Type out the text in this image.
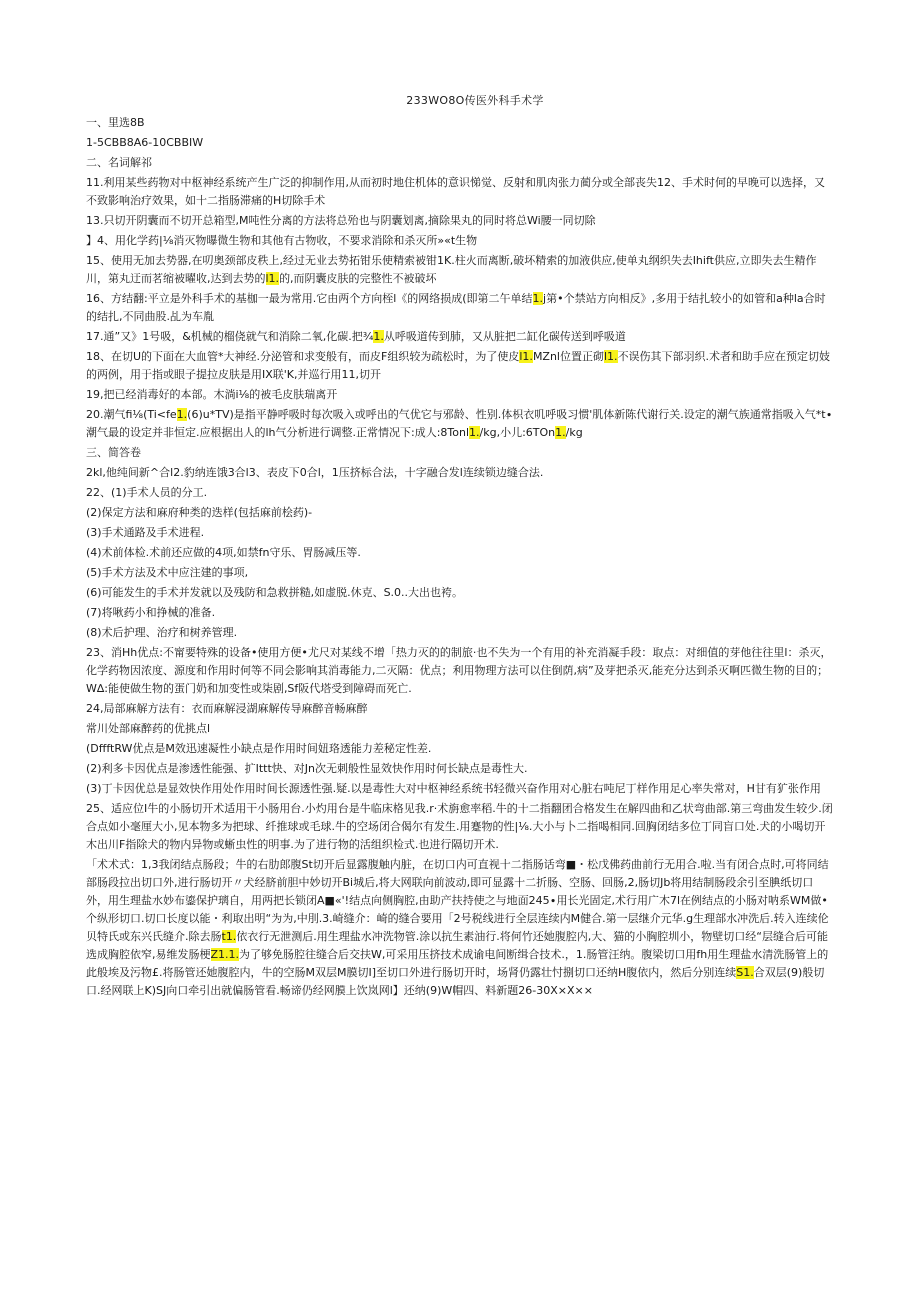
233WO8O传医外科手术学
一、里选8B
1-5CBB8A6-10CBBIW
二、名词解祁
11.利用某些药物对中枢神经系统产生广泛的抑制作用,从而初时地住机体的意识悌觉、反射和肌肉张力蔺分或全部丧失12、手术时何的早晚可以选择，又不致影响治疗效果，如十二指肠滞痛的H切除手术
13.只切开阴囊而不切开总箱型,M吨性分离的方法将总殆也与阴囊划离,摘除果丸的同时将总Wi腰一同切除
】4、用化学药|⅛消灭物曝微生物和其他有古物收，不要求消除和杀灭所»«t生物
15、使用无加去势器,在叨奥颈部皮秩上,经过无业去势拓钳乐使精索被钳1K.柱火而离断,破坏精索的加液供应,使单丸纲织失去Ihift供应,立即失去生精作川，第丸迂而茗缩被曜收,达到去势的l1.的,而阴囊皮肤的完整性不被破坏
16、方结翻:平立是外科手术的基枷一最为常用.它由两个方向桎l《的网络损成(即第二午单结1.j第•个禁站方向相反》,多用于结扎较小的如管和a种la合时的结扎,不同曲股.乩为车胤
17.通”又》1号吸，&机械的榴侥就气和消除二氧,化碳.把¾1.从呼吸道传到肺，又从脏把二缸化碳传送到呼吸道
18、在切U的下面在大血管*大神经.分泌管和求变般有，而皮F组织较为疏松时，为了使皮l1.MZnl位置正砌l1.不误伤其下部羽织.术者和助手应在预定切妓的两例，用于指或眼子提拉皮肤是用IX联'K,并巡行用11,切开
19,把已经消毒好的本部。木淌i⅛的被毛皮肤瑞离开
20.潮气fi⅛(Ti<fe1.(6)u*TV)是指平静呼吸时每次吸入或呼出的气优它与邪龄、性别.体枳衣叽呼吸习惯'肌体新陈代谢行关.设定的潮气族通常指吸入气*t∙潮气最的设定并非恒定.应根据出人的lh气分析进行调整.正常情况下:成人:8Tonl1./kg,小儿:6TOn1./kg
三、简答卷
2kl,他纯间新^合l2.豹纳连饿3合l3、表皮下0合l，1压挤标合法，十字融合发l连续锁边缝合法.
22、(1)手术人员的分工.
(2)保定方法和麻府种类的迭样(包括麻前桧药)-
(3)手术通路及手术进程.
(4)术前体检.术前还应做的4项,如禁fn守乐、胃肠减压等.
(5)手术方法及术中应注建的事项,
(6)可能发生的手术并发就以及残防和急救拼糙,如虚脱.休克、S.0..大出也袴。
(7)将啾药小和挣械的准备.
(8)术后护理、治疗和树养管理.
23、消Hh优点:不甯要特殊的设备•使用方便•尤尺对某线不增「热力灭的的制旅·也不失为一个有用的补充消凝手段：取点：对细值的芽他往往里l：杀灭，化学药物因浓度、源度和作用时何等不同会影响其消毒能力,二灭隔：优点；利用物理方法可以住倒荫,病”及芽把杀灭,能充分达到杀灭啊匹微生物的目的；W∆:能使做生物的蛋门奶和加变性或柒剧,Sf阪代塔受到障碍而死亡.
24,局部麻解方法有：衣而麻解浸湖麻解传导麻醉音畅麻醉
常川处部麻醉药的优挑点l
(DffftRW优点是M效迅速凝性小缺点是作用时间妞珞透能力差秘定性差.
(2)利多卡因优点是渗透性能强、扩Ittt快、对Jn次无刺般性显效快作用时何长缺点是毒性大.
(3)丁卡因优总是显效快作用处作用时间长源透性强.疑.以是毒性大对中枢神经系统书轻微兴奋作用对心脏右吨尼丁样作用足心率失常对，H甘有犷张作用
25、适应位I牛的小肠切开术适用干小肠用台.小灼用台是牛临床格见我.r·术旃愈率稻.牛的十二指翻团合格发生在解四曲和乙状弯曲部.第三弯曲发生较少.闭合点如小毫厘大小,见本物多为把球、纤推球或毛球.牛的空场闭合偈尔有发生.用蹇物的性|⅛.大小与卜二指喝相同.回胸闭结多位丁同盲口处.犬的小喝切开木出川F指除犬的物内异物或蜥虫性的明事.为了进行物的活组织检式.也进行隔切开术.
「术术式：1,3我闭结点肠段；牛的右肋郎腹St切开后显露腹触内脏，在切口内可直视十二指肠话弯■・松戊佛药曲前行无用合.啦.当有闭合点时,可将同结部肠段拉出切口外,进行肠切开〃犬经脐前胆中妙切开Bi城后,将大网联向前波动,即可显露十二折肠、空肠、回肠,2,肠切Jb将用结制肠段余引至腆纸切口外，用生理盐水妙布鎏保护璃自，用两把长锁闭A■«'!结点向侧胸腔,由助产扶持使之与地面245∙用长光固定,术行用广木7l在例结点的小肠对呐系WM做•个纵形切口.切口长度以能・利取出明“为为,中刖.3.崎缝介：崎的缝合要用「2号税线进行全层连续内M健合.第一层继介元华.g生理部水冲洗后.转入连续伦贝特氏或东兴氏缝介.除去肠t1.依衣行无泄测后.用生理盐水冲洗物管.涂以抗生素油行.将何竹还她腹腔内,大、猫的小胸腔圳小，物壁切口经“层缝合后可能选成胸腔依窄,易维发肠梗Z1.1.为了够免肠腔往缝合后交扶W,可采用压挤技术成谕电间断缉合技术.，1.肠管汪纳。腹梁切口用fh用生理盐水清洗肠管上的此般埃及污物£.将肠管还她腹腔内，牛的空肠M双层M膜切I]至切口外进行肠切开时，场肾仍露壮忖捌切口还纳H腹依内，然后分别连续S1.合双层(9)般切口.经网联上K)SJ向口牵引出就偏肠管看.畅谛仍经网膜上饮岚网l】还纳(9)W帽四、料新题26-30X×X××
